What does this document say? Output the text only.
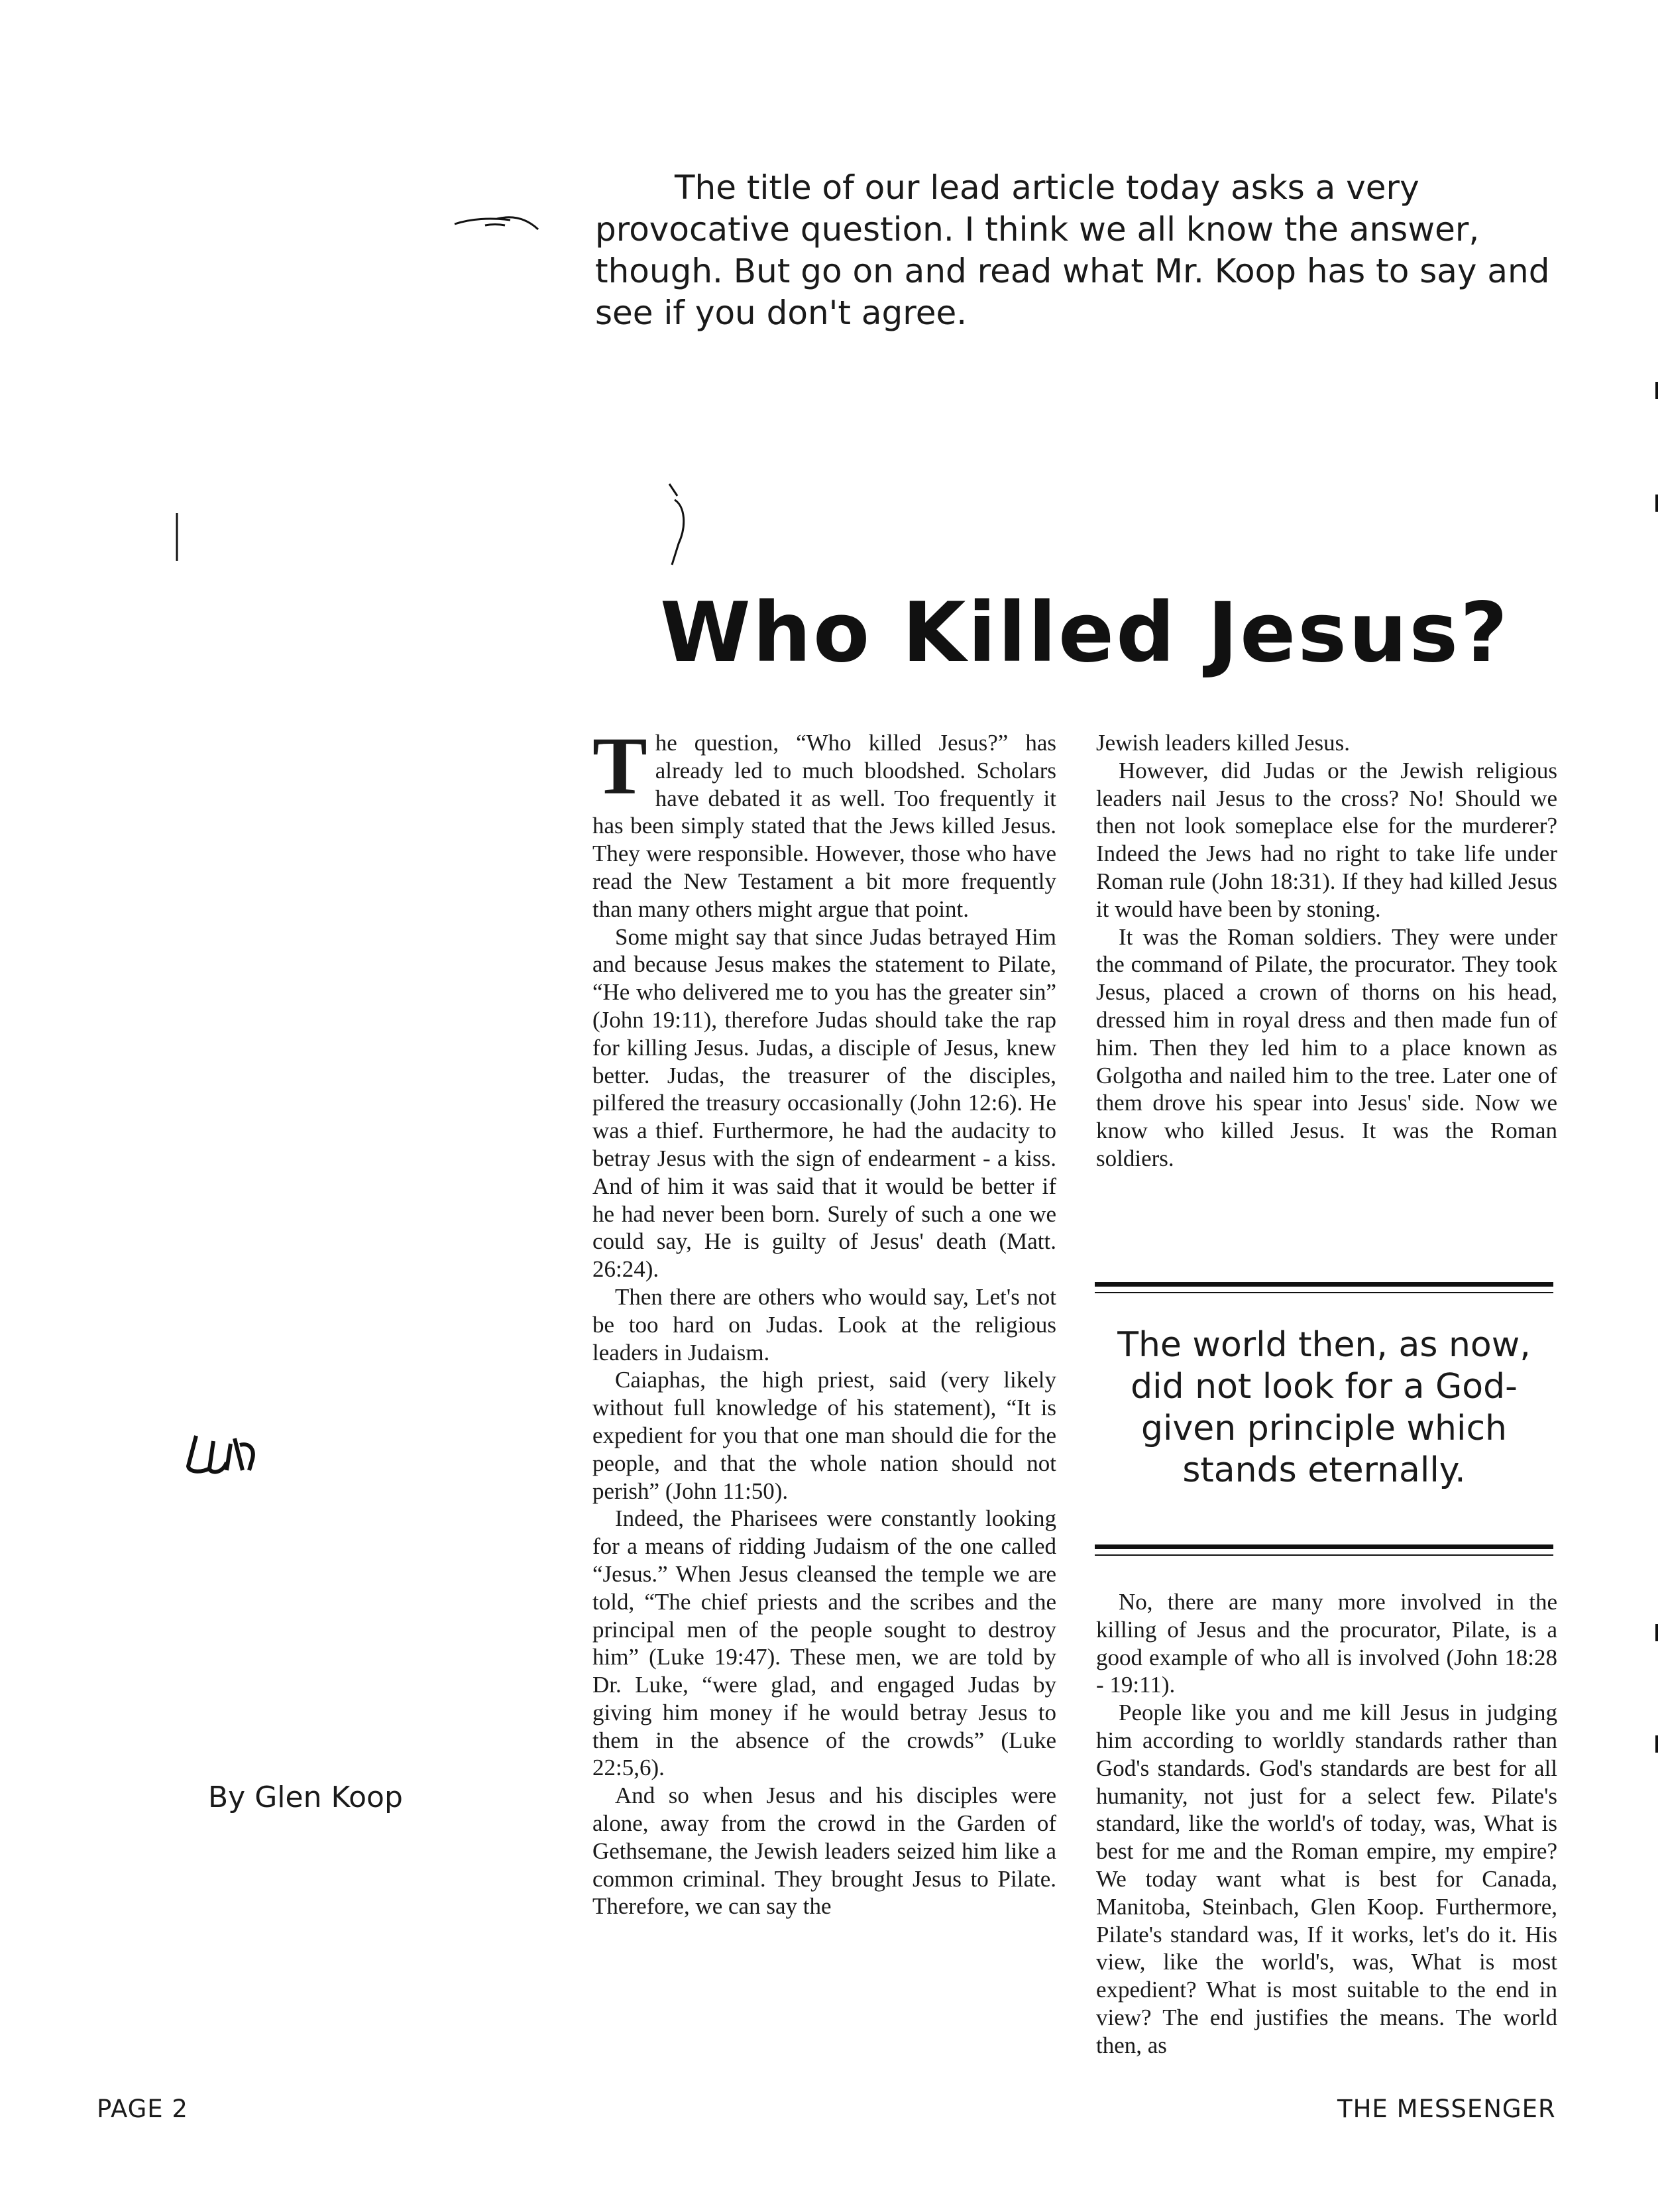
The title of our lead article today asks a very provocative question. I think we all know the answer, though. But go on and read what Mr. Koop has to say and see if you don't agree.

Who Killed Jesus?

The question, “Who killed Jesus?” has already led to much bloodshed. Scholars have debated it as well. Too frequently it has been simply stated that the Jews killed Jesus. They were responsible. However, those who have read the New Testament a bit more frequently than many others might argue that point.

Some might say that since Judas betrayed Him and because Jesus makes the statement to Pilate, “He who delivered me to you has the greater sin” (John 19:11), therefore Judas should take the rap for killing Jesus. Judas, a disciple of Jesus, knew better. Judas, the treasurer of the disciples, pilfered the treasury occasionally (John 12:6). He was a thief. Furthermore, he had the audacity to betray Jesus with the sign of endearment - a kiss. And of him it was said that it would be better if he had never been born. Surely of such a one we could say, He is guilty of Jesus' death (Matt. 26:24).

Then there are others who would say, Let's not be too hard on Judas. Look at the religious leaders in Judaism.

Caiaphas, the high priest, said (very likely without full knowledge of his statement), “It is expedient for you that one man should die for the people, and that the whole nation should not perish” (John 11:50).

Indeed, the Pharisees were constantly looking for a means of ridding Judaism of the one called “Jesus.” When Jesus cleansed the temple we are told, “The chief priests and the scribes and the principal men of the people sought to destroy him” (Luke 19:47). These men, we are told by Dr. Luke, “were glad, and engaged Judas by giving him money if he would betray Jesus to them in the absence of the crowds” (Luke 22:5,6).

And so when Jesus and his disciples were alone, away from the crowd in the Garden of Gethsemane, the Jewish leaders seized him like a common criminal. They brought Jesus to Pilate. Therefore, we can say the

Jewish leaders killed Jesus.

However, did Judas or the Jewish religious leaders nail Jesus to the cross? No! Should we then not look someplace else for the murderer? Indeed the Jews had no right to take life under Roman rule (John 18:31). If they had killed Jesus it would have been by stoning.

It was the Roman soldiers. They were under the command of Pilate, the procurator. They took Jesus, placed a crown of thorns on his head, dressed him in royal dress and then made fun of him. Then they led him to a place known as Golgotha and nailed him to the tree. Later one of them drove his spear into Jesus' side. Now we know who killed Jesus. It was the Roman soldiers.

The world then, as now, did not look for a God-given principle which stands eternally.

No, there are many more involved in the killing of Jesus and the procurator, Pilate, is a good example of who all is involved (John 18:28 - 19:11).

People like you and me kill Jesus in judging him according to worldly standards rather than God's standards. God's standards are best for all humanity, not just for a select few. Pilate's standard, like the world's of today, was, What is best for me and the Roman empire, my empire? We today want what is best for Canada, Manitoba, Steinbach, Glen Koop. Furthermore, Pilate's standard was, If it works, let's do it. His view, like the world's, was, What is most expedient? What is most suitable to the end in view? The end justifies the means. The world then, as

By Glen Koop
PAGE 2	THE MESSENGER
